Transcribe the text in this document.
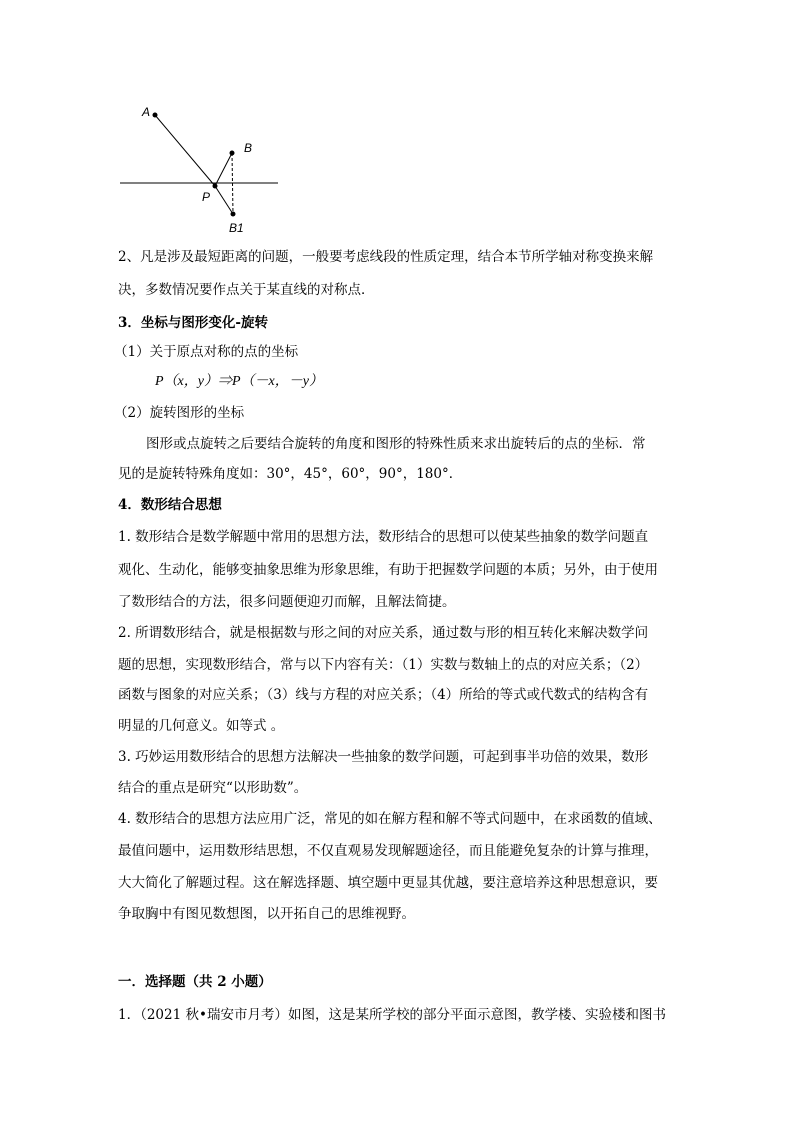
A
B
P
B1
2、凡是涉及最短距离的问题，一般要考虑线段的性质定理，结合本节所学轴对称变换来解
决，多数情况要作点关于某直线的对称点．
3．坐标与图形变化-旋转
（1）关于原点对称的点的坐标
P（x，y）⇒P（－x，－y）
（2）旋转图形的坐标
图形或点旋转之后要结合旋转的角度和图形的特殊性质来求出旋转后的点的坐标．常
见的是旋转特殊角度如：30°，45°，60°，90°，180°．
4．数形结合思想
1. 数形结合是数学解题中常用的思想方法，数形结合的思想可以使某些抽象的数学问题直
观化、生动化，能够变抽象思维为形象思维，有助于把握数学问题的本质；另外，由于使用
了数形结合的方法，很多问题便迎刃而解，且解法简捷。
2. 所谓数形结合，就是根据数与形之间的对应关系，通过数与形的相互转化来解决数学问
题的思想，实现数形结合，常与以下内容有关：（1）实数与数轴上的点的对应关系；（2）
函数与图象的对应关系；（3）线与方程的对应关系；（4）所给的等式或代数式的结构含有
明显的几何意义。如等式 。
3. 巧妙运用数形结合的思想方法解决一些抽象的数学问题，可起到事半功倍的效果，数形
结合的重点是研究“以形助数”。
4. 数形结合的思想方法应用广泛，常见的如在解方程和解不等式问题中，在求函数的值域、
最值问题中，运用数形结思想，不仅直观易发现解题途径，而且能避免复杂的计算与推理，
大大简化了解题过程。这在解选择题、填空题中更显其优越，要注意培养这种思想意识，要
争取胸中有图见数想图，以开拓自己的思维视野。
一．选择题（共 2 小题）
1．（2021 秋•瑞安市月考）如图，这是某所学校的部分平面示意图，教学楼、实验楼和图书
